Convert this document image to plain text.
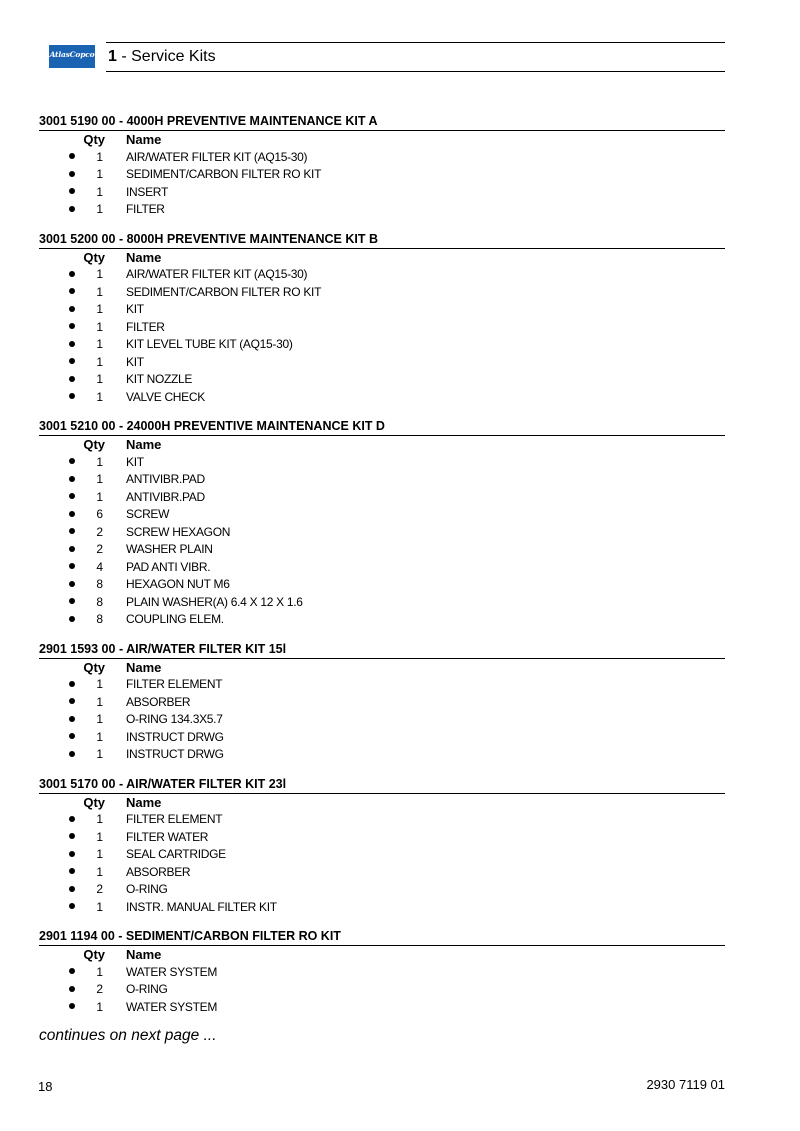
AtlasCopco 1 - Service Kits
3001 5190 00 - 4000H PREVENTIVE MAINTENANCE KIT A
Qty	Name
1	AIR/WATER FILTER KIT (AQ15-30)
1	SEDIMENT/CARBON FILTER RO KIT
1	INSERT
1	FILTER
3001 5200 00 - 8000H PREVENTIVE MAINTENANCE KIT B
Qty	Name
1	AIR/WATER FILTER KIT (AQ15-30)
1	SEDIMENT/CARBON FILTER RO KIT
1	KIT
1	FILTER
1	KIT LEVEL TUBE KIT (AQ15-30)
1	KIT
1	KIT NOZZLE
1	VALVE CHECK
3001 5210 00 - 24000H PREVENTIVE MAINTENANCE KIT D
Qty	Name
1	KIT
1	ANTIVIBR.PAD
1	ANTIVIBR.PAD
6	SCREW
2	SCREW HEXAGON
2	WASHER PLAIN
4	PAD ANTI VIBR.
8	HEXAGON NUT M6
8	PLAIN WASHER(A) 6.4 X 12 X 1.6
8	COUPLING ELEM.
2901 1593 00 - AIR/WATER FILTER KIT 15l
Qty	Name
1	FILTER ELEMENT
1	ABSORBER
1	O-RING 134.3X5.7
1	INSTRUCT DRWG
1	INSTRUCT DRWG
3001 5170 00 - AIR/WATER FILTER KIT 23l
Qty	Name
1	FILTER ELEMENT
1	FILTER WATER
1	SEAL CARTRIDGE
1	ABSORBER
2	O-RING
1	INSTR. MANUAL FILTER KIT
2901 1194 00 - SEDIMENT/CARBON FILTER RO KIT
Qty	Name
1	WATER SYSTEM
2	O-RING
1	WATER SYSTEM
continues on next page ...
18	2930 7119 01
